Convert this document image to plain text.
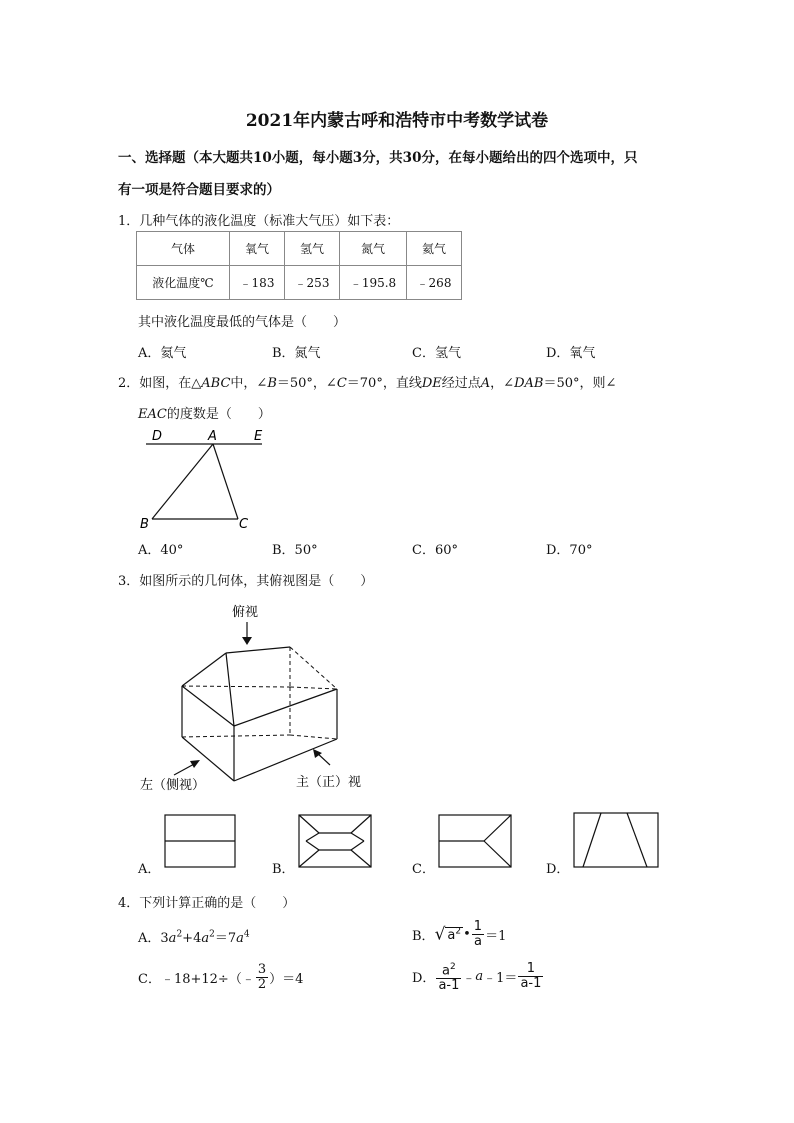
2021年内蒙古呼和浩特市中考数学试卷
一、选择题（本大题共10小题，每小题3分，共30分，在每小题给出的四个选项中，只
有一项是符合题目要求的）
1．几种气体的液化温度（标准大气压）如下表：
气体	氧气	氢气	氮气	氦气
液化温度℃	﹣183	﹣253	﹣195.8	﹣268
其中液化温度最低的气体是（　　）
A．氦气	B．氮气	C．氢气	D．氧气
2．如图，在△ABC中，∠B＝50°，∠C＝70°，直线DE经过点A，∠DAB＝50°，则∠
EAC的度数是（　　）
D	A	E
B	C
A．40°	B．50°	C．60°	D．70°
3．如图所示的几何体，其俯视图是（　　）
俯视
左（侧视）	主（正）视
A．	B．	C．	D．
4．下列计算正确的是（　　）
A．$3a^2+4a^2=7a^4$	B．√ $a^2$ • $\frac{1}{a} =1$
C．﹣18+12÷（﹣ $\frac{3}{2} )=4$	D． $\frac{a^2}{a-1}$ ﹣a﹣1＝ $\frac{1}{a-1}$
